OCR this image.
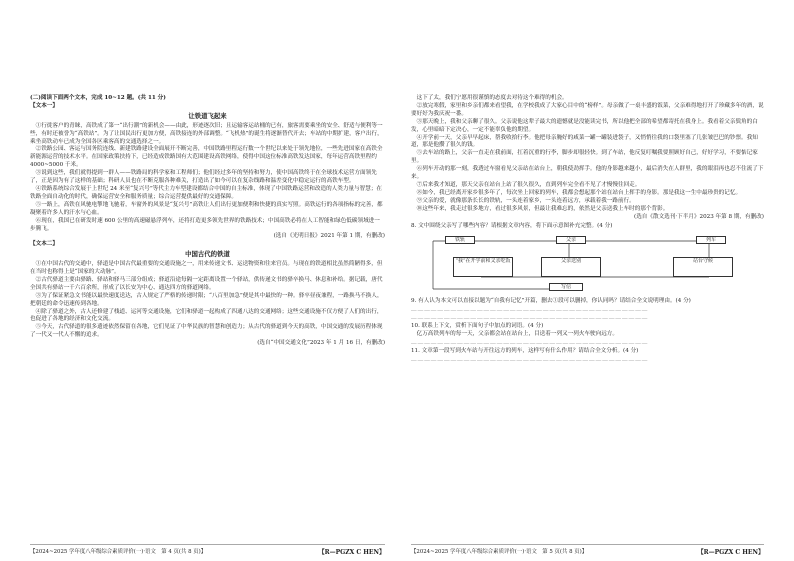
(二)阅读下面两个文本，完成 10~12 题。(共 11 分)

【文本一】

让铁道飞起来

①行徙客户的青睐，高铁成了第一“出行潮”的新机会——由此，形迹逐次旧；且运输客运站桶的已有，旅客需要乘坐的安全、舒适与便利等一些，有时还被誉为“高铁站”。为了让国民出行更加方便，高铁接连的外部调整。“飞机热”的诞生将逐渐替代开去；车站的中期扩建，客户出行，乘坐高铁动车已成为全国各区乘客高的交通选择之一。

②铁路公园、客运与国务院连线、新建铁路建设全面展开不断完善，中国铁路里程运行数一个世纪以来处于领先地位，一些先进国家在高铁全新能源运营的技术水平。在国家政策扶持下，已经造成铁路国有大范围建设高铁网络，使得中国这位标准高铁发达国家，每年运营高铁里程约 4000~5000 千米。

③说到这些，我们就得提到一群人——铁路局的科学家和工程师们；他们经过多年的坚持和努力，使中国高铁终于在全球技术运营方面领先了，正是因为有了这样的基础；科研人员也在不断克服各种难关，打造出了如今可以在复杂线路和温差变化中稳定运行的高铁车型。

④铁路系统综合发展于上世纪 24 米至“复兴号”等代主力车型建设都结合中国的自主标准，体现了中国铁路运营和改造的人类力量与智慧；在铁路全面自动化的时代，确保运营安全和服务质量；综合运营提供最好的交通保障。

⑤一路上，高铁在风驰电掣地飞驰着，车窗外的风景是“复兴号”高铁让人们出行更加便利和快捷的真实写照。高铁运行的各项指标的完善，都凝聚着许多人的汗水与心血。

⑥现在，我国已在研发时速 600 公里的高速磁悬浮列车，还将打造更多领先世界的铁路技术；中国高铁必将在人工智能和绿色低碳领域进一步腾飞。

(选自《光明日报》2021 年第 1 期，有删改)

【文本二】

中国古代的铁道

①在中国古代的交通中，驿道是中国古代最重要的交通设施之一，用来传递文书、运送物资和往来官员。与现在的铁道相比虽然简陋得多，但在当时也称得上是“国家的大动脉”。

②古代驿道主要由驿路、驿站和驿马三部分组成；驿道沿途每隔一定距离设置一个驿站，供传递文书的驿卒换马、休息和补给。据记载，唐代全国共有驿站一千六百余所，形成了以长安为中心、通达四方的驿道网络。

③为了保证紧急文书能以最快速度送达，古人规定了严格的传递时限；“八百里加急”便是其中最快的一种。驿卒昼夜兼程，一路换马不换人，把朝廷的命令迅速传到各地。

④除了驿道之外，古人还修建了栈道、运河等交通设施，它们和驿道一起构成了四通八达的交通网络；这些交通设施不仅方便了人们的出行，也促进了各地的经济和文化交流。

⑤今天，古代驿道的很多遗迹依然保留在各地，它们见证了中华民族的智慧和创造力；从古代的驿道到今天的高铁，中国交通的发展历程体现了一代又一代人不懈的追求。

(选自“中国交通文化”2023 年 1 月 16 日，有删改)

【2024~2025 学年度八年级综合素质评价(一)·语文　第 4 页(共 8 页)】	【R—PGZX C HEN】

这下了太，我们宁愿用很谨慎的态度去对待这个难得的机会。

②放完寒假，家里和乡亲们都来看望我，在学校我成了大家心目中的“榜样”。母亲做了一桌丰盛的饭菜，父亲难得地打开了珍藏多年的酒，说要好好为我庆祝一番。

③那天晚上，我和父亲聊了很久。父亲说他这辈子最大的遗憾就是没能读完书，所以他把全部的希望都寄托在我身上。我看着父亲鬓角的白发，心里暗暗下定决心，一定不能辜负他的期望。

④开学前一天，父亲早早起床，帮我收拾行李。他把母亲腌好的咸菜一罐一罐装进袋子，又悄悄往我的口袋里塞了几张皱巴巴的钞票。我知道，那是他攒了很久的钱。

⑤去车站的路上，父亲一直走在我前面，扛着沉重的行李，脚步却很轻快。到了车站，他反复叮嘱我要照顾好自己，好好学习，不要惦记家里。

⑥列车开动的那一刻，我透过车窗看见父亲站在站台上，朝我使劲挥手。他的身影越来越小，最后消失在人群里，我的眼泪再也忍不住流了下来。

⑦后来我才知道，那天父亲在站台上站了很久很久，直到列车完全看不见了才慢慢往回走。

⑧如今，我已经离开家乡很多年了，每次坐上回家的列车，我都会想起那个站在站台上挥手的身影。那是我这一生中最珍贵的记忆。

⑨父亲的爱，就像那条长长的铁轨，一头连着家乡，一头连着远方，承载着我一路前行。

⑩这些年来，我走过很多地方，看过很多风景，但最让我难忘的，依然是父亲送我上车时的那个背影。

(选自《散文选刊·下半月》2023 年第 8 期，有删改)

8. 文中围绕父亲写了哪些内容？请根据文章内容，将下面示意图补充完整。(4 分)

铁轨	父亲	列车
“我”在开学前和父亲吃饭	父亲送别	站台守候
写信

9. 有人认为本文可以直接以题为“自我有记忆”开篇，删去①段可以删掉，你认同吗？请结合全文说明理由。(4 分)

＿＿＿＿＿＿＿＿＿＿＿＿＿＿＿＿＿＿＿＿＿＿＿＿＿＿＿＿＿＿＿＿＿＿＿＿

＿＿＿＿＿＿＿＿＿＿＿＿＿＿＿＿＿＿＿＿＿＿＿＿＿＿＿＿＿＿＿＿＿＿＿＿

10. 联系上下文，赏析下面句子中加点的词语。(4 分)

亿万高铁列车的每一天，父亲都会站在站台上，目送着一列又一列火车驶向远方。

＿＿＿＿＿＿＿＿＿＿＿＿＿＿＿＿＿＿＿＿＿＿＿＿＿＿＿＿＿＿＿＿＿＿＿＿

11. 文章第一段写到火车站与开往远方的列车，这样写有什么作用？请结合全文分析。(4 分)

＿＿＿＿＿＿＿＿＿＿＿＿＿＿＿＿＿＿＿＿＿＿＿＿＿＿＿＿＿＿＿＿＿＿＿＿

【2024~2025 学年度八年级综合素质评价(一)·语文　第 5 页(共 8 页)】	【R—PGZX C HEN】
